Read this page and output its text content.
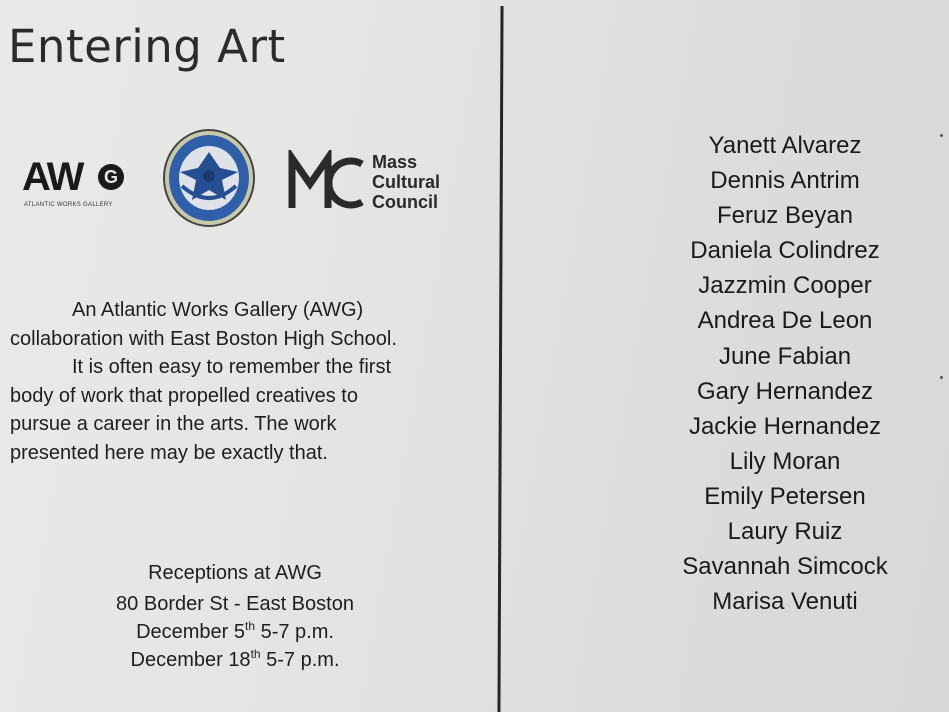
Entering Art
AW	G
ATLANTIC WORKS GALLERY
Mass
Cultural
Council
An Atlantic Works Gallery (AWG)
collaboration with East Boston High School.
It is often easy to remember the first
body of work that propelled creatives to
pursue a career in the arts. The work
presented here may be exactly that.
Receptions at AWG
80 Border St - East Boston
December 5th 5-7 p.m.
December 18th 5-7 p.m.
Yanett Alvarez
Dennis Antrim
Feruz Beyan
Daniela Colindrez
Jazzmin Cooper
Andrea De Leon
June Fabian
Gary Hernandez
Jackie Hernandez
Lily Moran
Emily Petersen
Laury Ruiz
Savannah Simcock
Marisa Venuti
